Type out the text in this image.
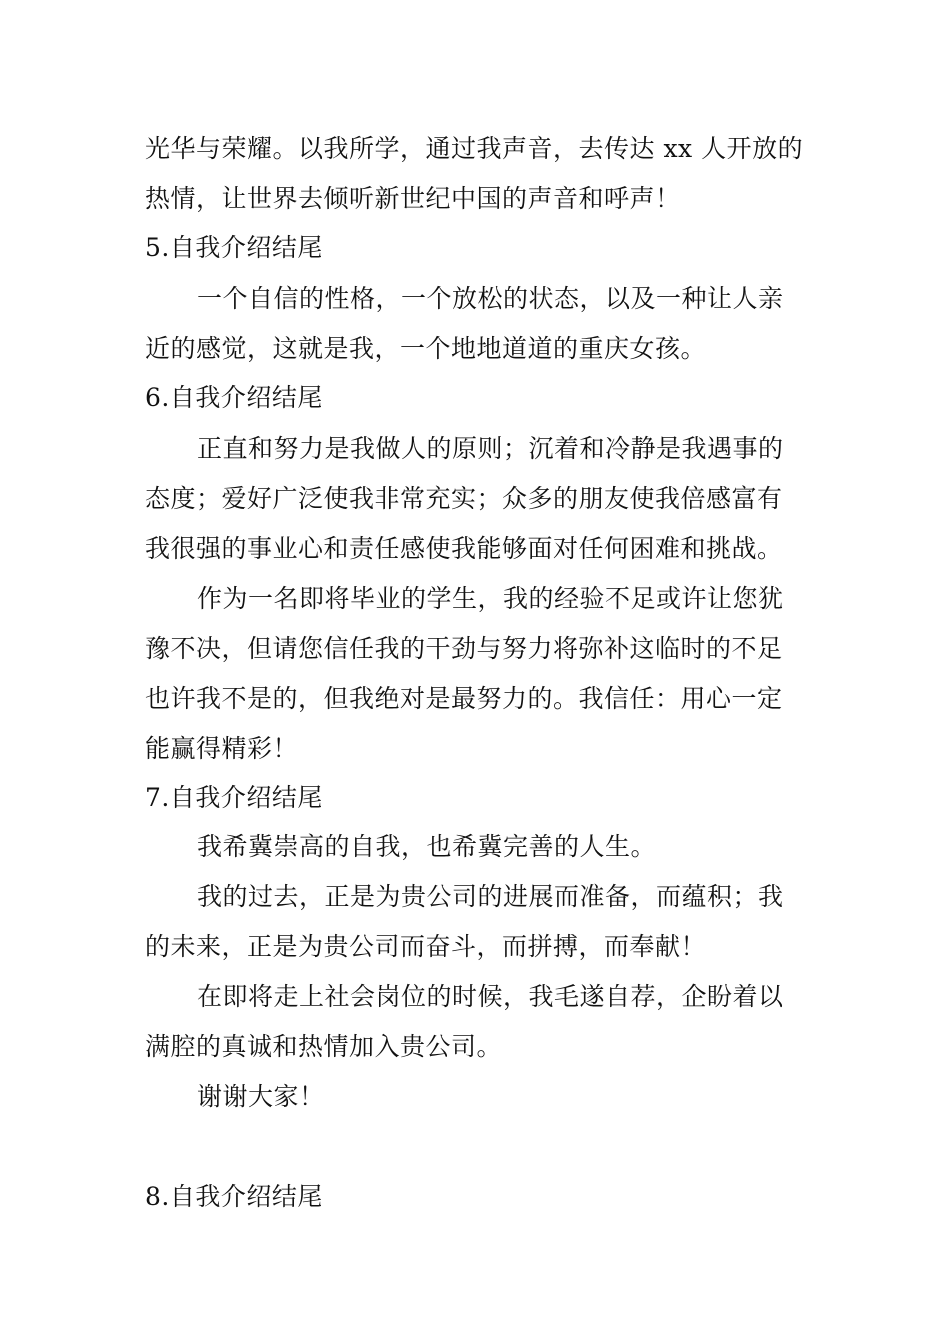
光华与荣耀。以我所学，通过我声音，去传达 xx 人开放的
热情，让世界去倾听新世纪中国的声音和呼声！
5.自我介绍结尾
一个自信的性格，一个放松的状态，以及一种让人亲
近的感觉，这就是我，一个地地道道的重庆女孩。
6.自我介绍结尾
正直和努力是我做人的原则；沉着和冷静是我遇事的
态度；爱好广泛使我非常充实；众多的朋友使我倍感富有
我很强的事业心和责任感使我能够面对任何困难和挑战。
作为一名即将毕业的学生，我的经验不足或许让您犹
豫不决，但请您信任我的干劲与努力将弥补这临时的不足
也许我不是的，但我绝对是最努力的。我信任：用心一定
能赢得精彩！
7.自我介绍结尾
我希冀崇高的自我，也希冀完善的人生。
我的过去，正是为贵公司的进展而准备，而蕴积；我
的未来，正是为贵公司而奋斗，而拼搏，而奉献！
在即将走上社会岗位的时候，我毛遂自荐，企盼着以
满腔的真诚和热情加入贵公司。
谢谢大家！
8.自我介绍结尾
